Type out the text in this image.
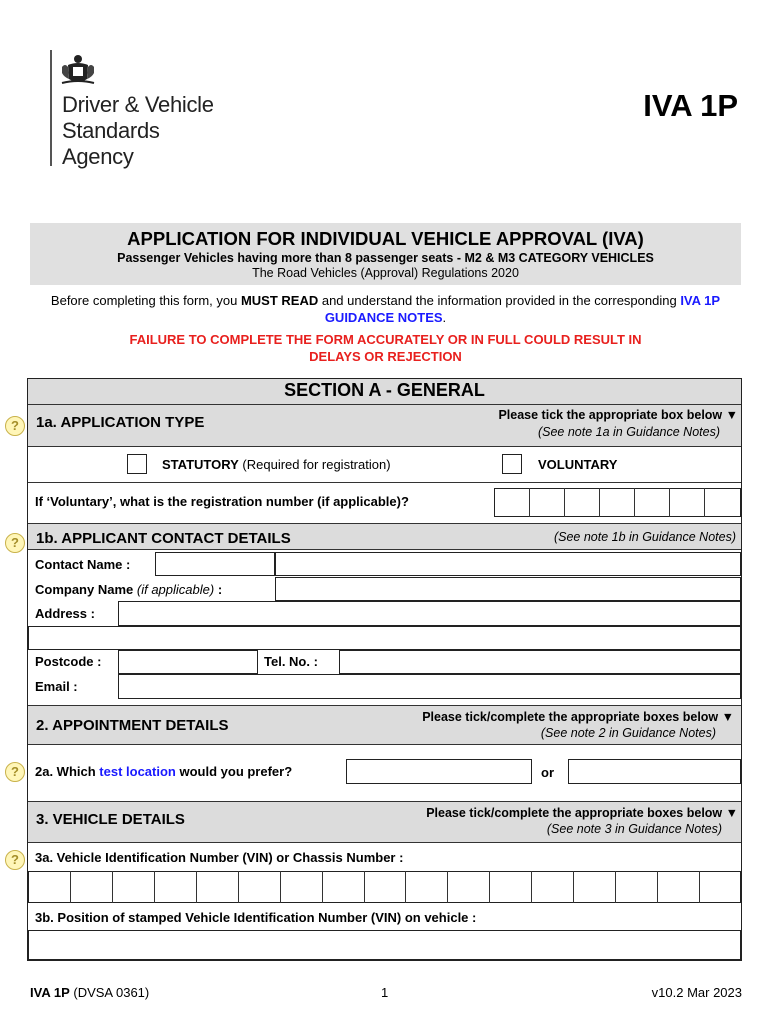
Driver & Vehicle
Standards
Agency
IVA 1P
APPLICATION FOR INDIVIDUAL VEHICLE APPROVAL (IVA)
Passenger Vehicles having more than 8 passenger seats - M2 & M3 CATEGORY VEHICLES
The Road Vehicles (Approval) Regulations 2020
Before completing this form, you MUST READ and understand the information provided in the corresponding IVA 1P GUIDANCE NOTES.
FAILURE TO COMPLETE THE FORM ACCURATELY OR IN FULL COULD RESULT IN
DELAYS OR REJECTION
SECTION A - GENERAL
?	1a. APPLICATION TYPE	Please tick the appropriate box below ▼
(See note 1a in Guidance Notes)
STATUTORY (Required for registration)	VOLUNTARY
If ‘Voluntary’, what is the registration number (if applicable)?
?	1b. APPLICANT CONTACT DETAILS	(See note 1b in Guidance Notes)
Contact Name :
Company Name (if applicable) :
Address :
Postcode :	Tel. No. :
Email :
2. APPOINTMENT DETAILS	Please tick/complete the appropriate boxes below ▼
(See note 2 in Guidance Notes)
?	2a. Which test location would you prefer?	or
3. VEHICLE DETAILS	Please tick/complete the appropriate boxes below ▼
(See note 3 in Guidance Notes)
?	3a. Vehicle Identification Number (VIN) or Chassis Number :
3b. Position of stamped Vehicle Identification Number (VIN) on vehicle :
IVA 1P (DVSA 0361)	1	v10.2 Mar 2023
